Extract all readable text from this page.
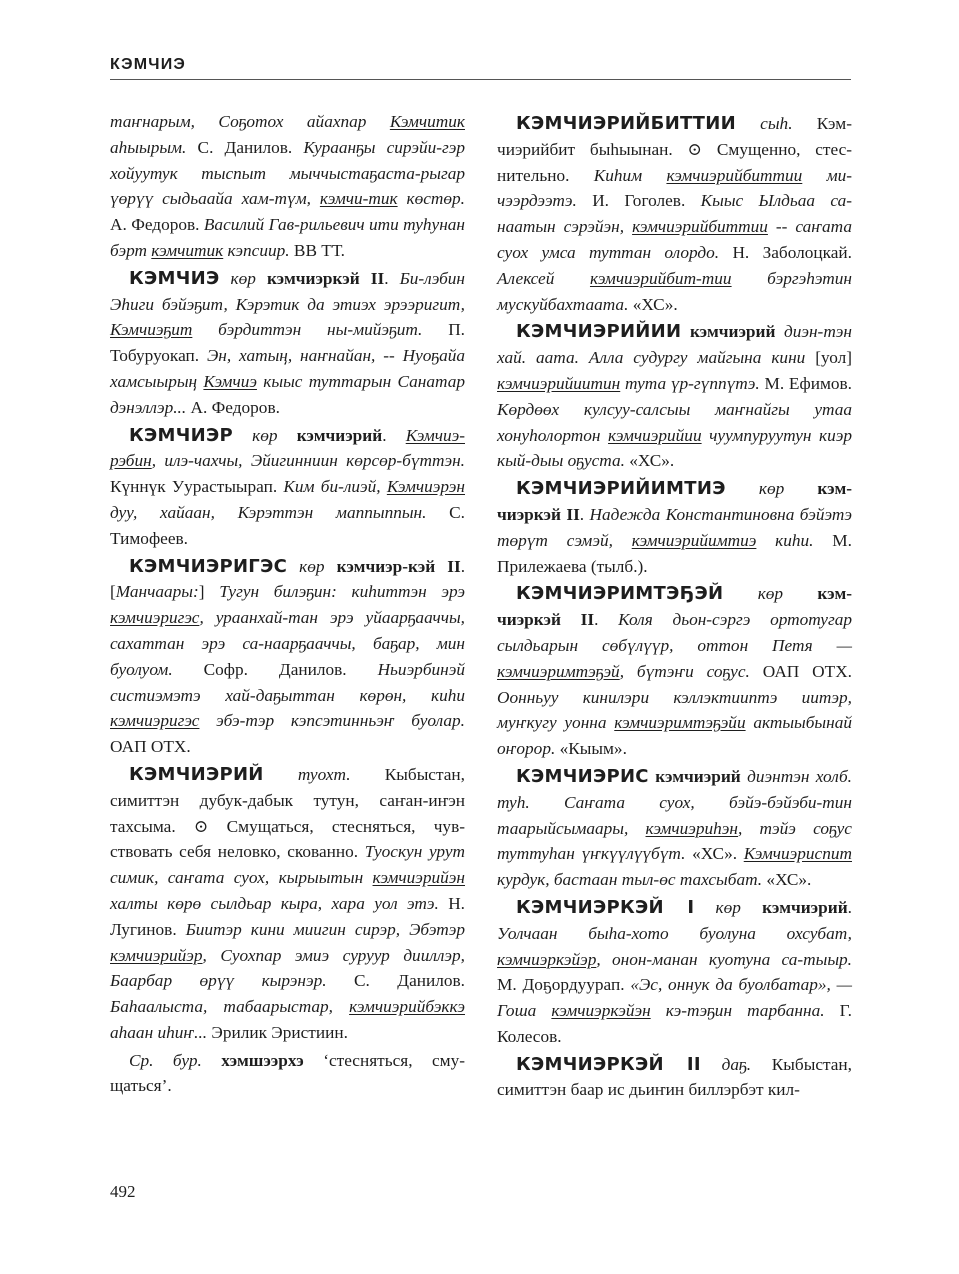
КЭМЧИЭ

таҥнарым, Соҕотох айахпар Кэмчитик аһыырым. С. Данилов. Кураанҕы сирэйи-гэр хойуутук тыспыт мыччыстаҕаста-рыгар үөрүү сыдьаайа хам-түм, кэмчи-тик көстөр. А. Федоров. Василий Гав-рильевич ити туһунан бэрт кэмчитик кэпсиир. ВВ ТТ.

КЭМЧИЭ көр кэмчиэркэй II. Би-лэбин Эһиги бэйэҕит, Кэрэтик да этиэх эрээригит, Кэмчиэҕит бэрдиттэн ны-мийэҕит. П. Тобуруокап. Эн, хатың, наҥнайан, -- Нуоҕайа хамсыырың Кэмчиэ кыыс туттарын Санатар дэнэллэр... А. Федоров.

КЭМЧИЭР көр кэмчиэрий. Кэмчиэ-рэбин, илэ-чахчы, Эйигинниин көрсөр-бүттэн. Күннүк Уурастыырап. Ким би-лиэй, Кэмчиэрэн дуу, хайаан, Кэрэттэн маппыппын. С. Тимофеев.

КЭМЧИЭРИГЭС көр кэмчиэр-кэй II. [Манчаары:] Тугун билэҕин: киһиттэн эрэ кэмчиэригэс, ураанхай-тан эрэ уйаарҕааччы, сахаттан эрэ са-наарҕааччы, баҕар, мин буолуом. Софр. Данилов. Ньиэрбинэй систиэмэтэ хай-даҕыттан көрөн, киһи кэмчиэригэс эбэ-тэр кэпсэтинньэҥ буолар. ОАП ОТХ.

КЭМЧИЭРИЙ туохт. Кыбыстан, симиттэн дубук-дабык тутун, саҥан-иҥэн тахсыма. ⊙ Смущаться, стесняться, чув-ствовать себя неловко, скованно. Туоскун урут симик, саҥата суох, кырыытын кэмчиэрийэн халты көрө сылдьар кыра, хара уол этэ. Н. Лугинов. Биитэр кини миигин сирэр, Эбэтэр кэмчиэрийэр, Суохпар эмиэ суруур дииллэр, Баарбар өрүү кырэнэр. С. Данилов. Баһаалыста, табаарыстар, кэмчиэрийбэккэ аһаан иһиҥ... Эрилик Эристиин.

Ср. бур. хэмшээрхэ ‘стесняться, сму-щаться’.

КЭМЧИЭРИЙБИТТИИ сыһ. Кэм-чиэрийбит быһыынан. ⊙ Смущенно, стес-нительно. Киһим кэмчиэрийбиттии ми-чээрдээтэ. И. Гоголев. Кыыс Ылдьаа са-наатын сэрэйэн, кэмчиэрийбиттии -- саҥата суох умса туттан олордо. Н. Заболоцкай. Алексей кэмчиэрийбит-тии бэргэһэтин мускуйбахтаата. «ХС».

КЭМЧИЭРИЙИИ кэмчиэрий диэн-тэн хай. аата. Алла судургу майгына кини [уол] кэмчиэрийиитин тута үр-гүппүтэ. М. Ефимов. Көрдөөх кулсуу-салсыы маҥнайгы утаа хонуһолортон кэмчиэрийии чуумпуруутун киэр кый-дыы оҕуста. «ХС».

КЭМЧИЭРИЙИМТИЭ көр кэм-чиэркэй II. Надежда Константиновна бэйэтэ төрүт сэмэй, кэмчиэрийимтиэ киһи. М. Прилежаева (тылб.).

КЭМЧИЭРИМТЭҔЭЙ көр кэм-чиэркэй II. Коля дьон-сэргэ ортотугар сылдьарын сөбүлүүр, оттон Петя — кэмчиэримтэҕэй, бүтэҥи соҕус. ОАП ОТХ. Оонньуу кинилэри кэллэктииптэ иитэр, муҥкугу уонна кэмчиэримтэҕэйи актыыбынай оҥорор. «Кыым».

КЭМЧИЭРИС кэмчиэрий диэнтэн холб. туһ. Саҥата суох, бэйэ-бэйэби-тин таарыйсымаары, кэмчиэриһэн, тэйэ соҕус туттуһан үҥкүүлүүбүт. «ХС». Кэмчиэриспит курдук, бастаан тыл-өс тахсыбат. «ХС».

КЭМЧИЭРКЭЙ I көр кэмчиэрий. Уолчаан быһа-хото буолуна охсубат, кэмчиэркэйэр, онон-манан куотуна са-тыыр. М. Доҕордуурап. «Эс, оннук да буолбатар», — Гоша кэмчиэркэйэн кэ-тэҕин тарбанна. Г. Колесов.

КЭМЧИЭРКЭЙ II даҕ. Кыбыстан, симиттэн баар ис дьиҥин биллэрбэт кил-

492
